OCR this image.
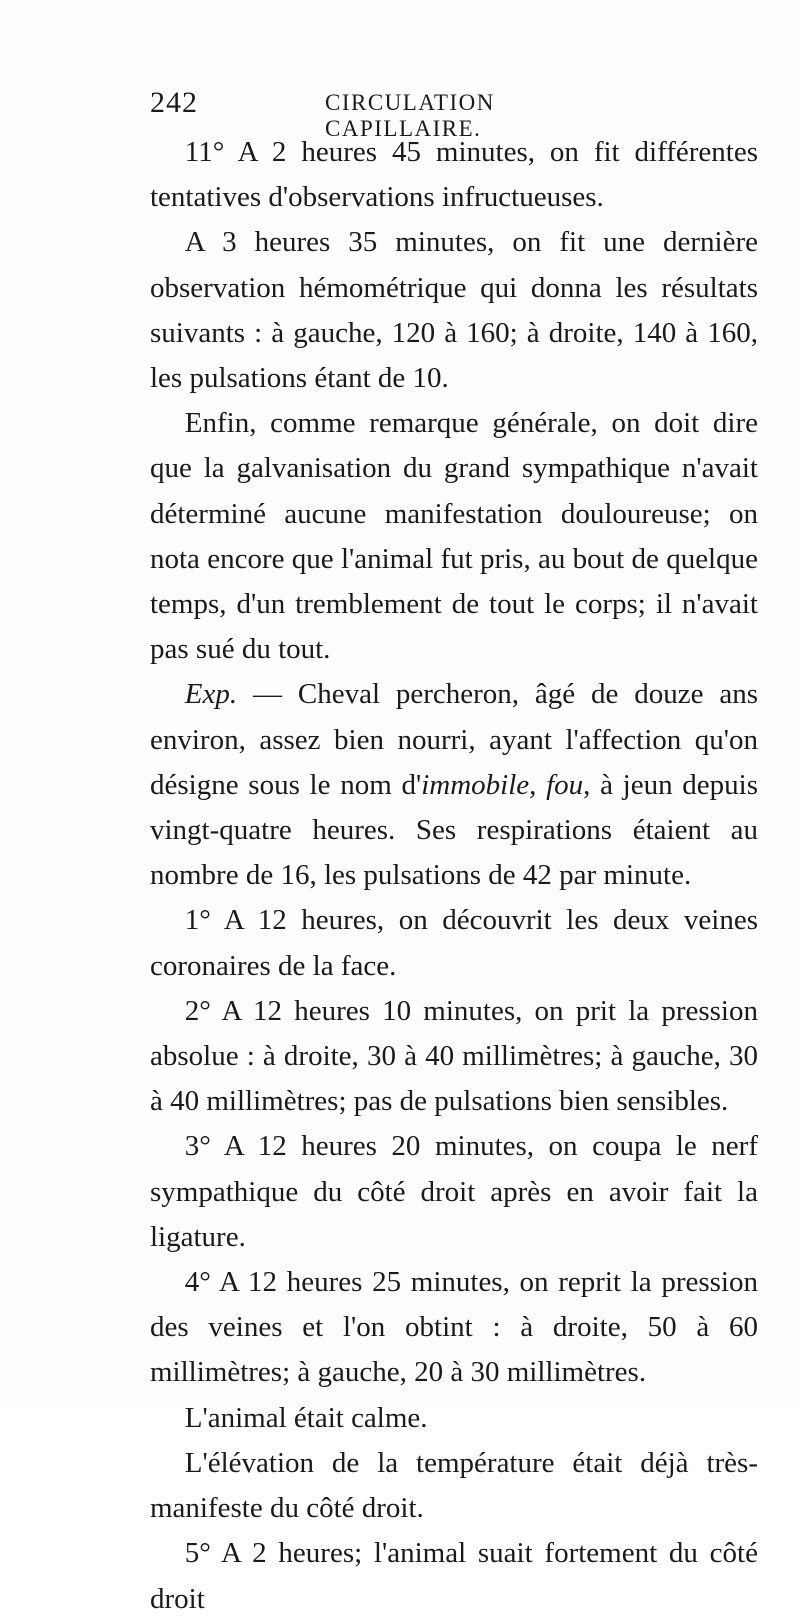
242	CIRCULATION CAPILLAIRE.

11° A 2 heures 45 minutes, on fit différentes tentatives d'observations infructueuses.

A 3 heures 35 minutes, on fit une dernière observation hémométrique qui donna les résultats suivants : à gauche, 120 à 160; à droite, 140 à 160, les pulsations étant de 10.

Enfin, comme remarque générale, on doit dire que la galvanisation du grand sympathique n'avait déterminé aucune manifestation douloureuse; on nota encore que l'animal fut pris, au bout de quelque temps, d'un tremblement de tout le corps; il n'avait pas sué du tout.

Exp. — Cheval percheron, âgé de douze ans environ, assez bien nourri, ayant l'affection qu'on désigne sous le nom d'immobile, fou, à jeun depuis vingt-quatre heures. Ses respirations étaient au nombre de 16, les pulsations de 42 par minute.

1° A 12 heures, on découvrit les deux veines coronaires de la face.

2° A 12 heures 10 minutes, on prit la pression absolue : à droite, 30 à 40 millimètres; à gauche, 30 à 40 millimètres; pas de pulsations bien sensibles.

3° A 12 heures 20 minutes, on coupa le nerf sympathique du côté droit après en avoir fait la ligature.

4° A 12 heures 25 minutes, on reprit la pression des veines et l'on obtint : à droite, 50 à 60 millimètres; à gauche, 20 à 30 millimètres.

L'animal était calme.

L'élévation de la température était déjà très-manifeste du côté droit.

5° A 2 heures; l'animal suait fortement du côté droit
